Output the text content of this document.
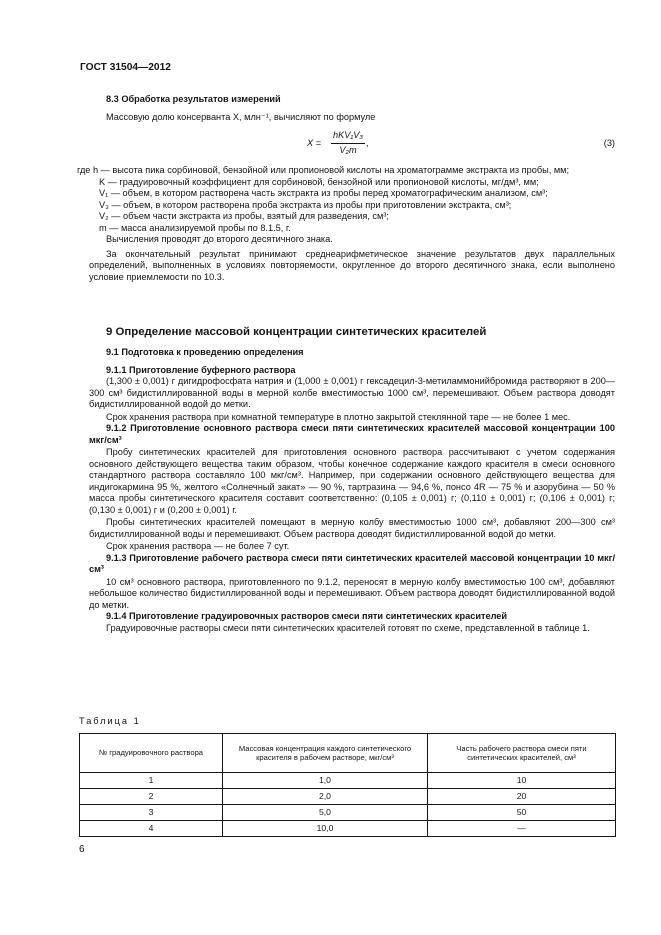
ГОСТ 31504—2012

8.3 Обработка результатов измерений

Массовую долю консерванта X, млн⁻¹, вычисляют по формуле

X =
hKV₁V₃
V₂m
,	(3)

где h — высота пика сорбиновой, бензойной или пропионовой кислоты на хроматограмме экстракта из пробы, мм;

K — градуировочный коэффициент для сорбиновой, бензойной или пропионовой кислоты, мг/дм³, мм;

V₁ — объем, в котором растворена часть экстракта из пробы перед хроматографическим анализом, см³;

V₃ — объем, в котором растворена проба экстракта из пробы при приготовлении экстракта, см³;

V₂ — объем части экстракта из пробы, взятый для разведения, см³;

m — масса анализируемой пробы по 8.1.5, г.

Вычисления проводят до второго десятичного знака.

За окончательный результат принимают среднеарифметическое значение результатов двух параллельных определений, выполненных в условиях повторяемости, округленное до второго десятичного знака, если выполнено условие приемлемости по 10.3.

9 Определение массовой концентрации синтетических красителей

9.1 Подготовка к проведению определения

9.1.1 Приготовление буферного раствора

(1,300 ± 0,001) г дигидрофосфата натрия и (1,000 ± 0,001) г гексадецил-3-метиламмонийбромида растворяют в 200—300 см³ бидистиллированной воды в мерной колбе вместимостью 1000 см³, перемешивают. Объем раствора доводят бидистиллированной водой до метки.

Срок хранения раствора при комнатной температуре в плотно закрытой стеклянной таре — не более 1 мес.

9.1.2 Приготовление основного раствора смеси пяти синтетических красителей массовой концентрации 100 мкг/см³

Пробу синтетических красителей для приготовления основного раствора рассчитывают с учетом содержания основного действующего вещества таким образом, чтобы конечное содержание каждого красителя в смеси основного стандартного раствора составляло 100 мкг/см³. Например, при содержании основного действующего вещества для индигокармина 95 %, желтого «Солнечный закат» — 90 %, тартразина — 94,6 %, понсо 4R — 75 % и азорубина — 50 % масса пробы синтетического красителя составит соответственно: (0,105 ± 0,001) г; (0,110 ± 0,001) г; (0,106 ± 0,001) г; (0,130 ± 0,001) г и (0,200 ± 0,001) г.

Пробы синтетических красителей помещают в мерную колбу вместимостью 1000 см³, добавляют 200—300 см³ бидистиллированной воды и перемешивают. Объем раствора доводят бидистиллированной водой до метки.

Срок хранения раствора — не более 7 сут.

9.1.3 Приготовление рабочего раствора смеси пяти синтетических красителей массовой концентрации 10 мкг/см³

10 см³ основного раствора, приготовленного по 9.1.2, переносят в мерную колбу вместимостью 100 см³, добавляют небольшое количество бидистиллированной воды и перемешивают. Объем раствора доводят бидистиллированной водой до метки.

9.1.4 Приготовление градуировочных растворов смеси пяти синтетических красителей

Градуировочные растворы смеси пяти синтетических красителей готовят по схеме, представленной в таблице 1.

Таблица 1
№ градуировочного раствора	Массовая концентрация каждого синтетического красителя в рабочем растворе, мкг/см³	Часть рабочего раствора смеси пяти синтетических красителей, см³
1	1,0	10
2	2,0	20
3	5,0	50
4	10,0	—
6
